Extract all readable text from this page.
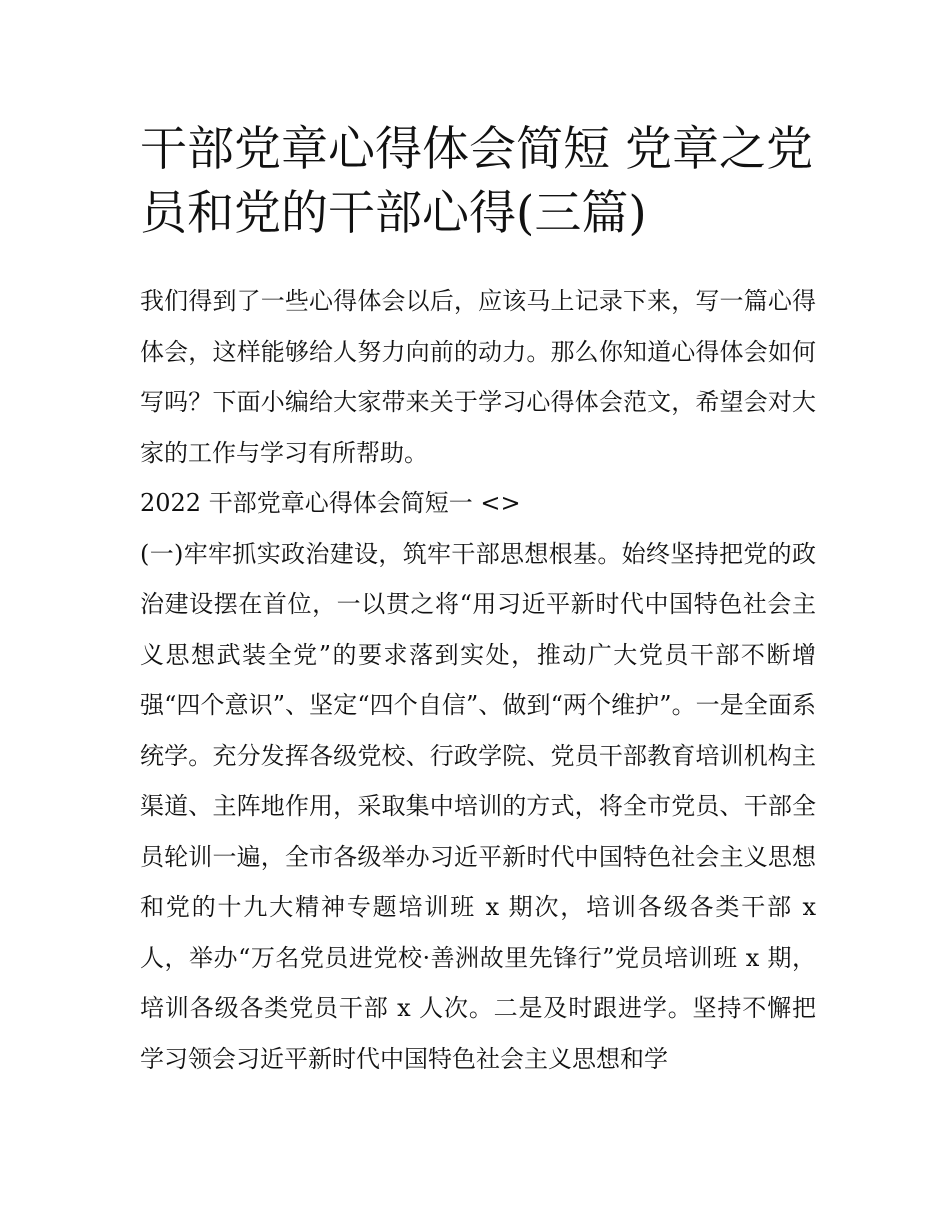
干部党章心得体会简短 党章之党员和党的干部心得(三篇)

我们得到了一些心得体会以后，应该马上记录下来，写一篇心得体会，这样能够给人努力向前的动力。那么你知道心得体会如何写吗？下面小编给大家带来关于学习心得体会范文，希望会对大家的工作与学习有所帮助。

2022 干部党章心得体会简短一 <>

(一)牢牢抓实政治建设，筑牢干部思想根基。始终坚持把党的政治建设摆在首位，一以贯之将“用习近平新时代中国特色社会主义思想武装全党”的要求落到实处，推动广大党员干部不断增强“四个意识”、坚定“四个自信”、做到“两个维护”。一是全面系统学。充分发挥各级党校、行政学院、党员干部教育培训机构主渠道、主阵地作用，采取集中培训的方式，将全市党员、干部全员轮训一遍，全市各级举办习近平新时代中国特色社会主义思想和党的十九大精神专题培训班 x 期次，培训各级各类干部 x 人，举办“万名党员进党校·善洲故里先锋行”党员培训班 x 期，培训各级各类党员干部 x 人次。二是及时跟进学。坚持不懈把学习领会习近平新时代中国特色社会主义思想和学
